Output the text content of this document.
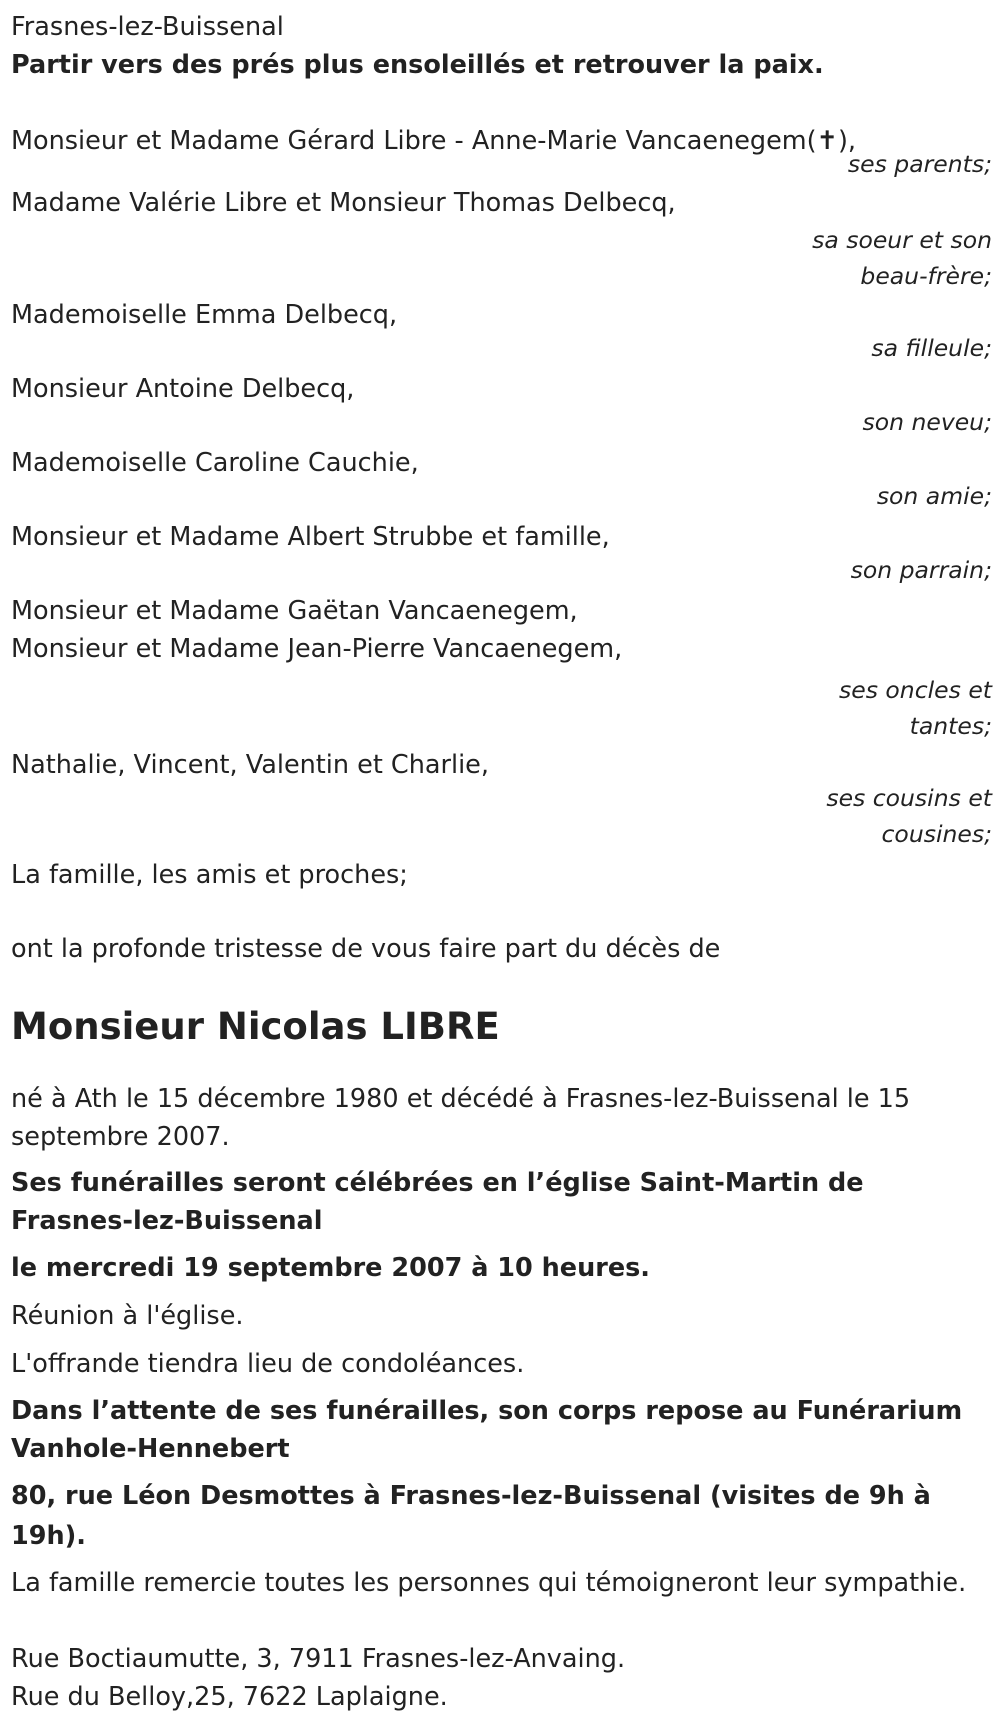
Frasnes-lez-Buissenal
Partir vers des prés plus ensoleillés et retrouver la paix.
Monsieur et Madame Gérard Libre - Anne-Marie Vancaenegem(✝),
ses parents;
Madame Valérie Libre et Monsieur Thomas Delbecq,
sa soeur et son
beau-frère;
Mademoiselle Emma Delbecq,
sa filleule;
Monsieur Antoine Delbecq,
son neveu;
Mademoiselle Caroline Cauchie,
son amie;
Monsieur et Madame Albert Strubbe et famille,
son parrain;
Monsieur et Madame Gaëtan Vancaenegem,
Monsieur et Madame Jean-Pierre Vancaenegem,
ses oncles et
tantes;
Nathalie, Vincent, Valentin et Charlie,
ses cousins et
cousines;
La famille, les amis et proches;
ont la profonde tristesse de vous faire part du décès de
Monsieur Nicolas LIBRE

né à Ath le 15 décembre 1980 et décédé à Frasnes-lez-Buissenal le 15 septembre 2007.

Ses funérailles seront célébrées en l’église Saint-Martin de Frasnes-lez-Buissenal

le mercredi 19 septembre 2007 à 10 heures.

Réunion à l'église.

L'offrande tiendra lieu de condoléances.

Dans l’attente de ses funérailles, son corps repose au Funérarium Vanhole-Hennebert

80, rue Léon Desmottes à Frasnes-lez-Buissenal (visites de 9h à 19h).

La famille remercie toutes les personnes qui témoigneront leur sympathie.

Rue Boctiaumutte, 3, 7911 Frasnes-lez-Anvaing.
Rue du Belloy,25, 7622 Laplaigne.
